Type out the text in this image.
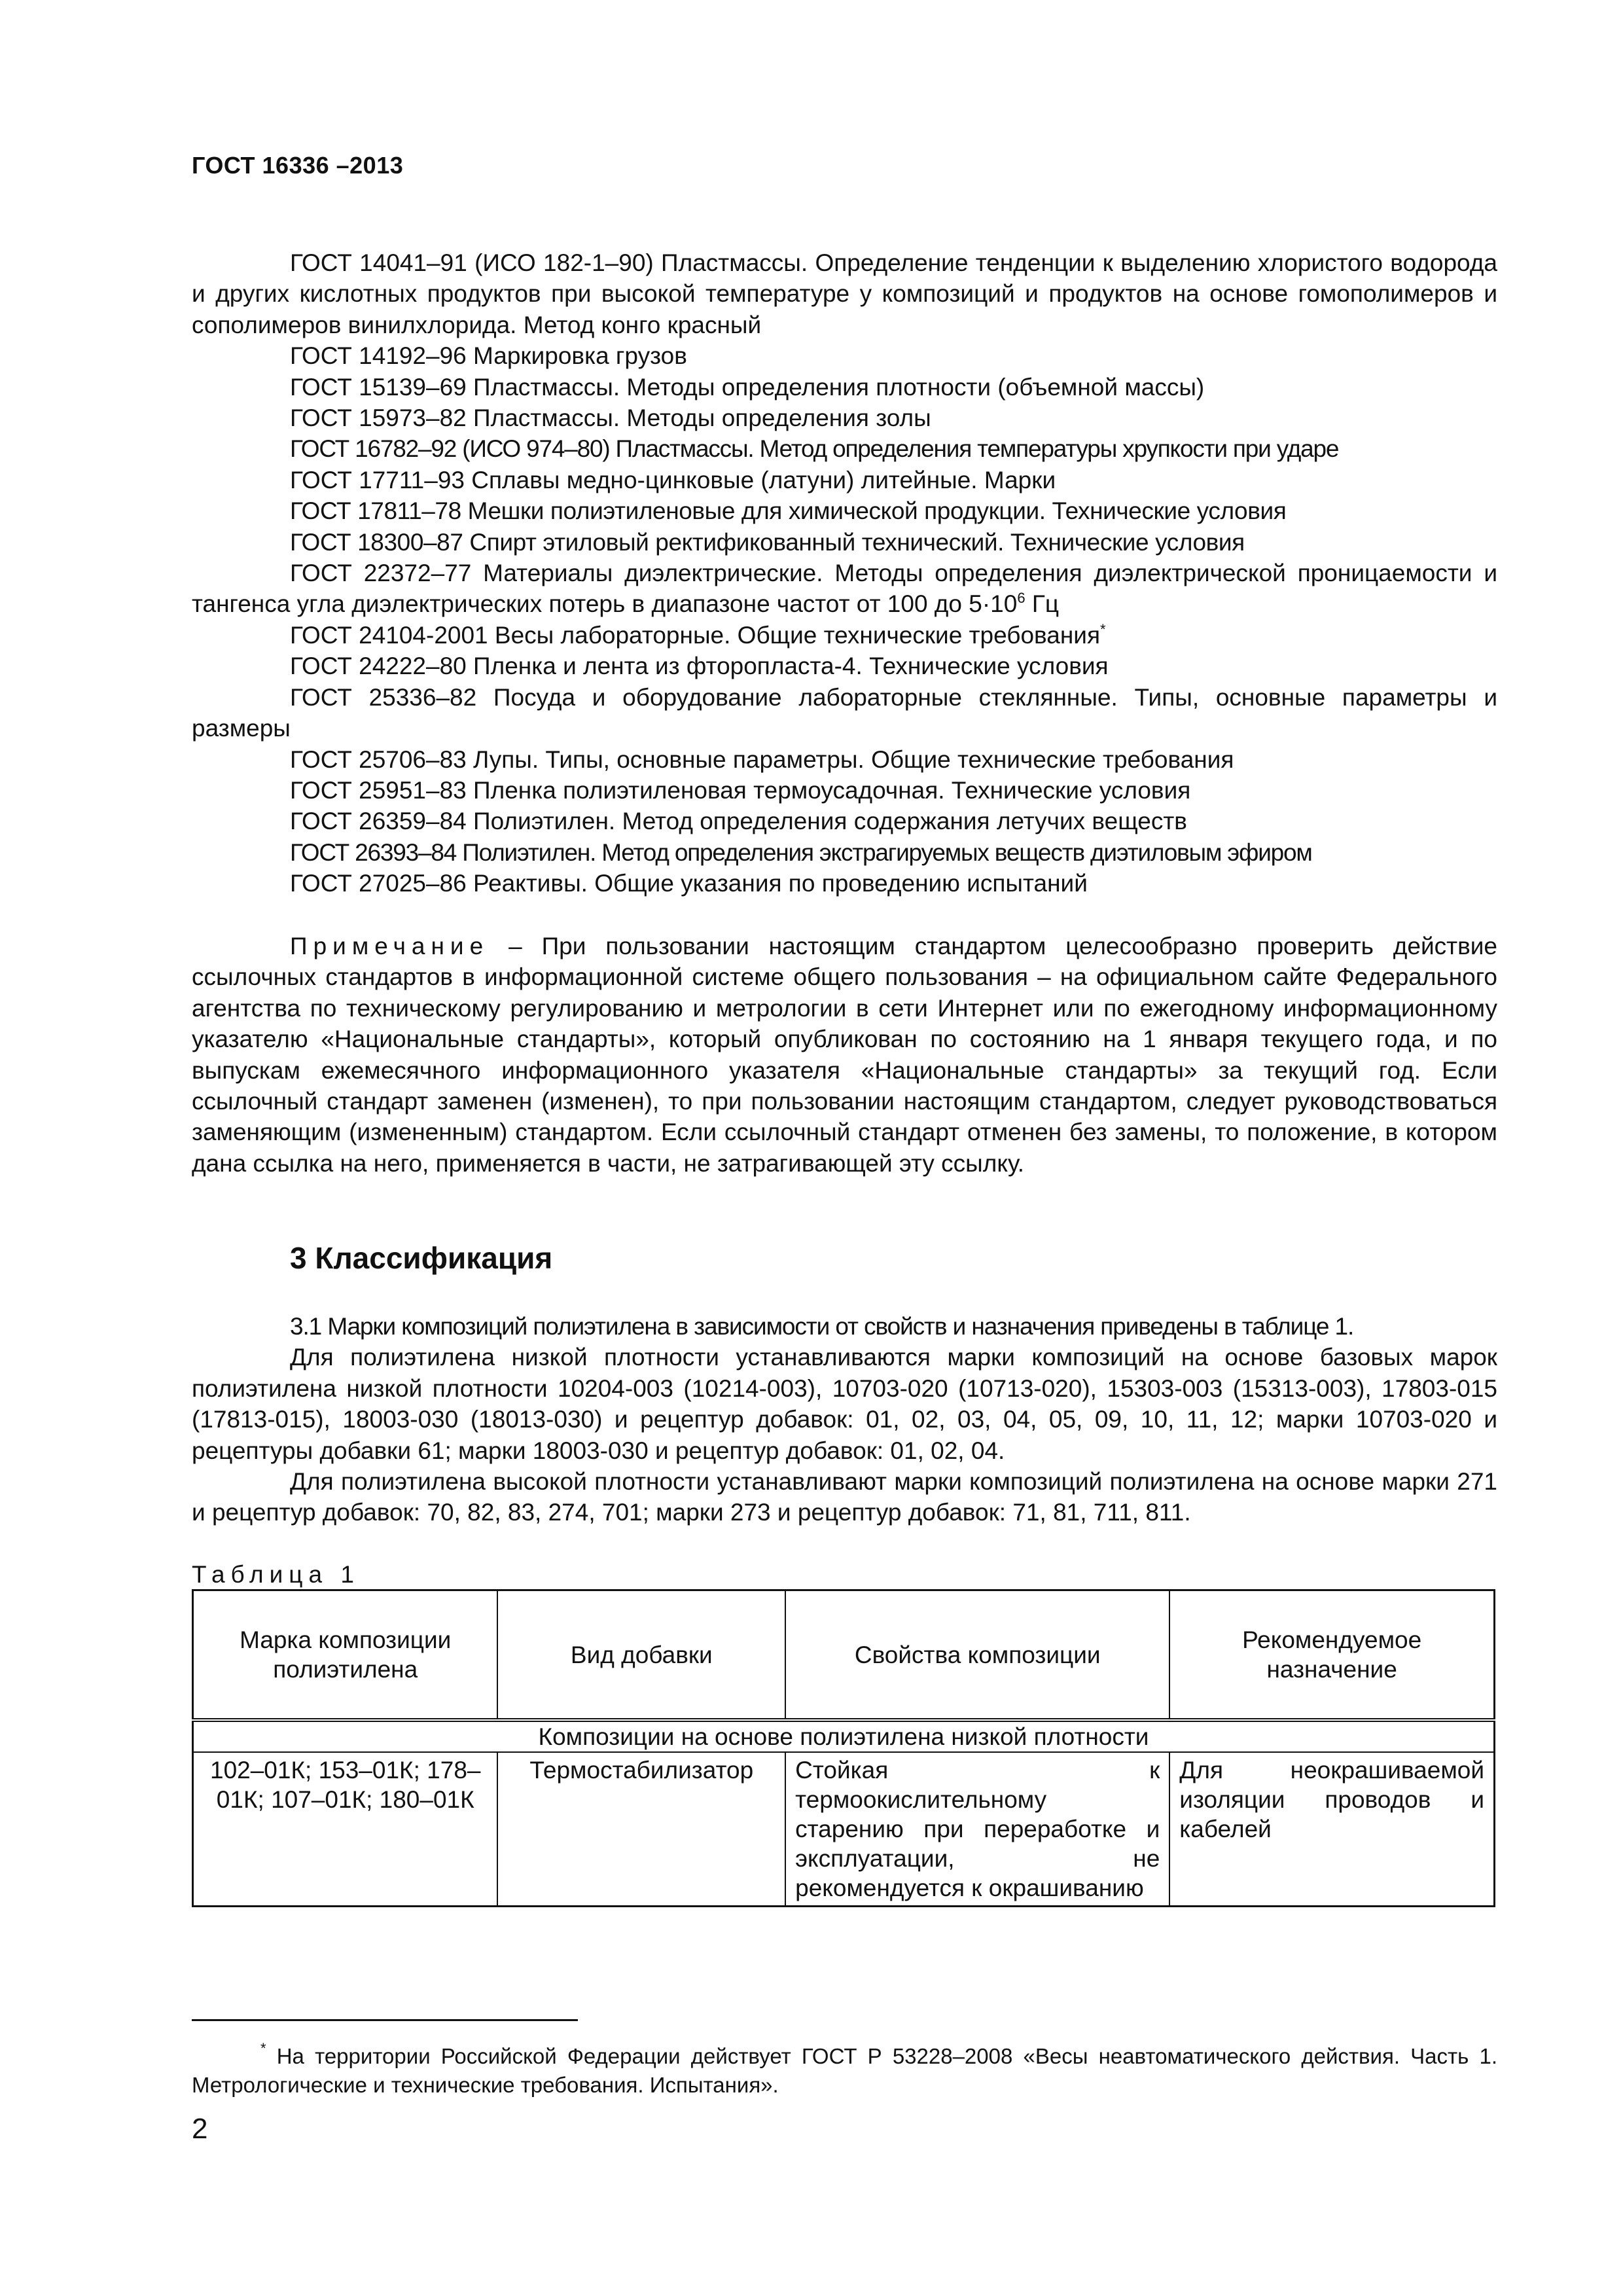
ГОСТ 16336 –2013
ГОСТ 14041–91 (ИСО 182-1–90) Пластмассы. Определение тенденции к выделению хлористого водорода и других кислотных продуктов при высокой температуре у композиций и продуктов на основе гомополимеров и сополимеров винилхлорида. Метод конго красный
ГОСТ 14192–96 Маркировка грузов
ГОСТ 15139–69 Пластмассы. Методы определения плотности (объемной массы)
ГОСТ 15973–82 Пластмассы. Методы определения золы
ГОСТ 16782–92 (ИСО 974–80) Пластмассы. Метод определения температуры хрупкости при ударе
ГОСТ 17711–93 Сплавы медно-цинковые (латуни) литейные. Марки
ГОСТ 17811–78 Мешки полиэтиленовые для химической продукции. Технические условия
ГОСТ 18300–87 Спирт этиловый ректификованный технический. Технические условия
ГОСТ 22372–77 Материалы диэлектрические. Методы определения диэлектрической проницаемости и тангенса угла диэлектрических потерь в диапазоне частот от 100 до $5\cdot 10^6$ Гц
ГОСТ 24104-2001 Весы лабораторные. Общие технические требования*
ГОСТ 24222–80 Пленка и лента из фторопласта-4. Технические условия
ГОСТ 25336–82 Посуда и оборудование лабораторные стеклянные. Типы, основные параметры и размеры
ГОСТ 25706–83 Лупы. Типы, основные параметры. Общие технические требования
ГОСТ 25951–83 Пленка полиэтиленовая термоусадочная. Технические условия
ГОСТ 26359–84 Полиэтилен. Метод определения содержания летучих веществ
ГОСТ 26393–84 Полиэтилен. Метод определения экстрагируемых веществ диэтиловым эфиром
ГОСТ 27025–86 Реактивы. Общие указания по проведению испытаний
Примечание – При пользовании настоящим стандартом целесообразно проверить действие ссылочных стандартов в информационной системе общего пользования – на официальном сайте Федерального агентства по техническому регулированию и метрологии в сети Интернет или по ежегодному информационному указателю «Национальные стандарты», который опубликован по состоянию на 1 января текущего года, и по выпускам ежемесячного информационного указателя «Национальные стандарты» за текущий год. Если ссылочный стандарт заменен (изменен), то при пользовании настоящим стандартом, следует руководствоваться заменяющим (измененным) стандартом. Если ссылочный стандарт отменен без замены, то положение, в котором дана ссылка на него, применяется в части, не затрагивающей эту ссылку.
3 Классификация
3.1 Марки композиций полиэтилена в зависимости от свойств и назначения приведены в таблице 1.
Для полиэтилена низкой плотности устанавливаются марки композиций на основе базовых марок полиэтилена низкой плотности 10204-003 (10214-003), 10703-020 (10713-020), 15303-003 (15313-003), 17803-015 (17813-015), 18003-030 (18013-030) и рецептур добавок: 01, 02, 03, 04, 05, 09, 10, 11, 12; марки 10703-020 и рецептуры добавки 61; марки 18003-030 и рецептур добавок: 01, 02, 04.
Для полиэтилена высокой плотности устанавливают марки композиций полиэтилена на основе марки 271 и рецептур добавок: 70, 82, 83, 274, 701; марки 273 и рецептур добавок: 71, 81, 711, 811.
Таблица 1
Марка композиции полиэтилена	Вид добавки	Свойства композиции	Рекомендуемое назначение
Композиции на основе полиэтилена низкой плотности			
102–01К; 153–01К; 178–01К; 107–01К; 180–01К	Термостабилизатор	Стойкая к термоокислительному старению при переработке и эксплуатации, не рекомендуется к окрашиванию	Для неокрашиваемой изоляции проводов и кабелей
* На территории Российской Федерации действует ГОСТ Р 53228–2008 «Весы неавтоматического действия. Часть 1. Метрологические и технические требования. Испытания».
2
